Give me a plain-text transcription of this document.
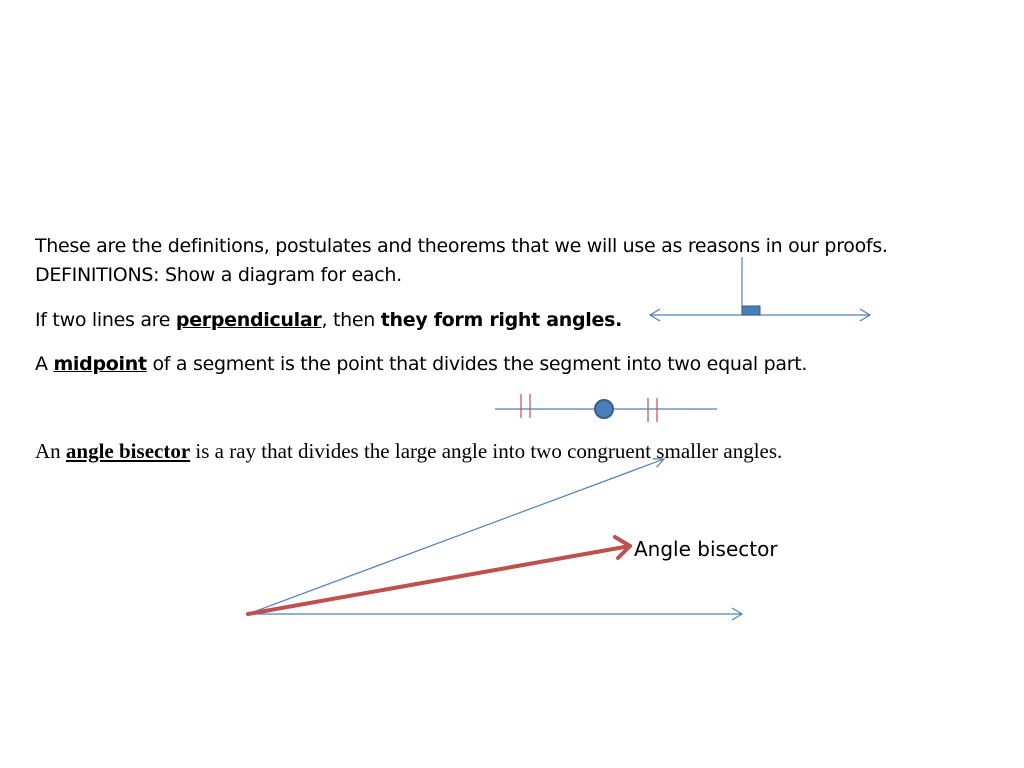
These are the definitions, postulates and theorems that we will use as reasons in our proofs.
DEFINITIONS: Show a diagram for each.
If two lines are perpendicular, then they form right angles.
A midpoint of a segment is the point that divides the segment into two equal part.
An angle bisector is a ray that divides the large angle into two congruent smaller angles.
Angle bisector
